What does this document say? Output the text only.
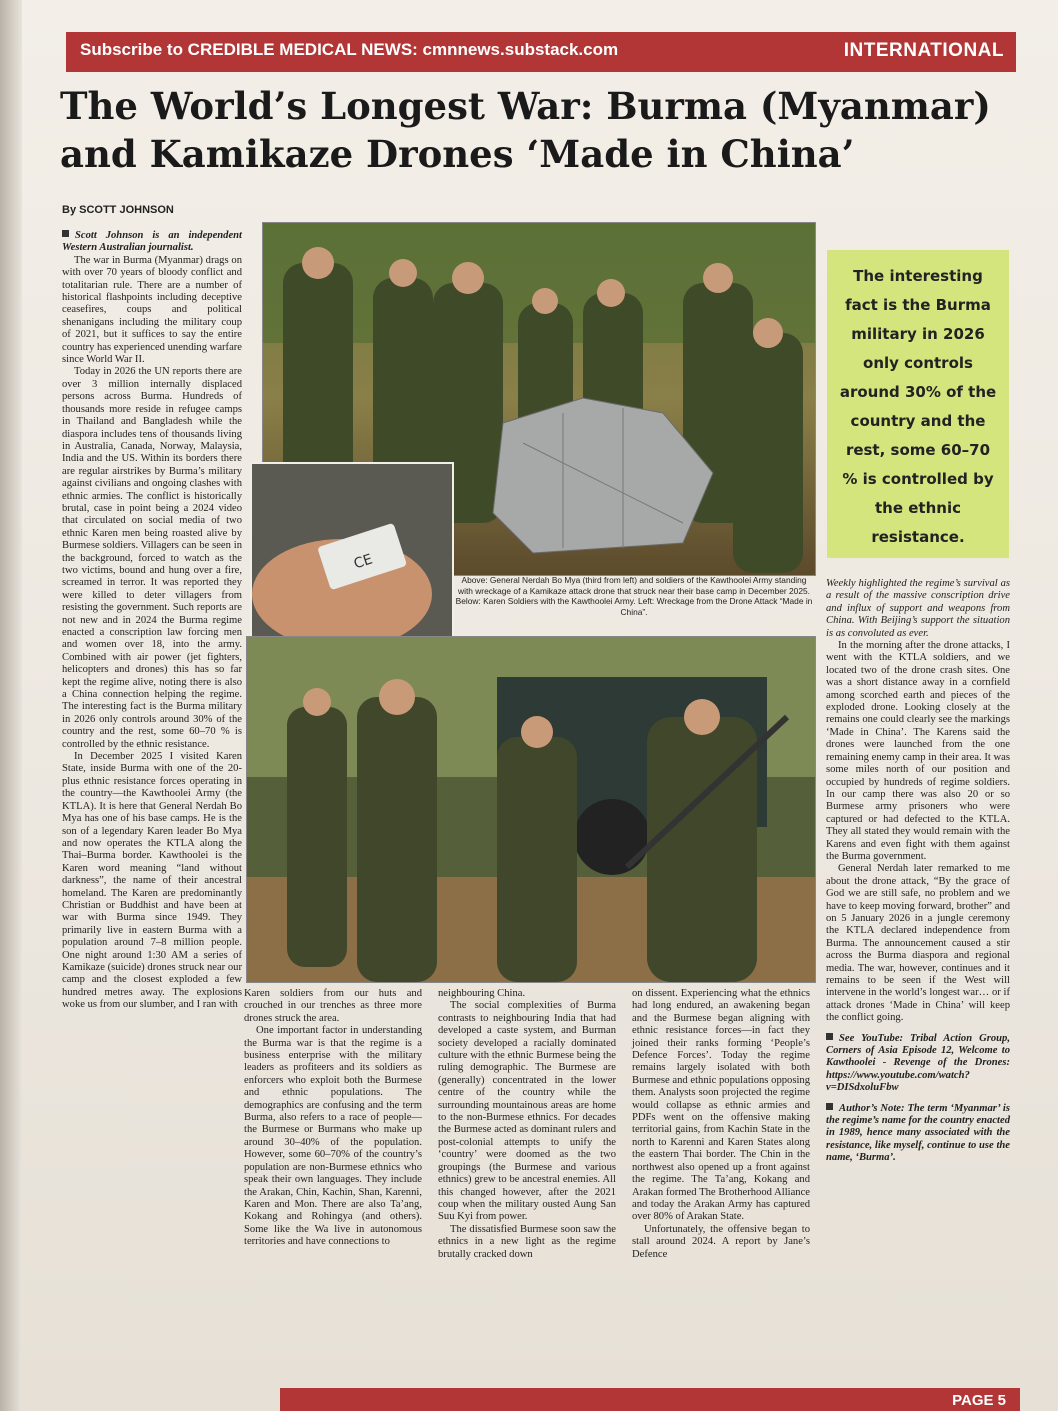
Subscribe to CREDIBLE MEDICAL NEWS: cmnnews.substack.com	INTERNATIONAL
The World’s Longest War: Burma (Myanmar) and Kamikaze Drones ‘Made in China’
By SCOTT JOHNSON

Scott Johnson is an independent Western Australian journalist.

The war in Burma (Myanmar) drags on with over 70 years of bloody conflict and totalitarian rule. There are a number of historical flashpoints including deceptive ceasefires, coups and political shenanigans including the military coup of 2021, but it suffices to say the entire country has experienced unending warfare since World War II.

Today in 2026 the UN reports there are over 3 million internally displaced persons across Burma. Hundreds of thousands more reside in refugee camps in Thailand and Bangladesh while the diaspora includes tens of thousands living in Australia, Canada, Norway, Malaysia, India and the US. Within its borders there are regular airstrikes by Burma’s military against civilians and ongoing clashes with ethnic armies. The conflict is historically brutal, case in point being a 2024 video that circulated on social media of two ethnic Karen men being roasted alive by Burmese soldiers. Villagers can be seen in the background, forced to watch as the two victims, bound and hung over a fire, screamed in terror. It was reported they were killed to deter villagers from resisting the government. Such reports are not new and in 2024 the Burma regime enacted a conscription law forcing men and women over 18, into the army. Combined with air power (jet fighters, helicopters and drones) this has so far kept the regime alive, noting there is also a China connection helping the regime. The interesting fact is the Burma military in 2026 only controls around 30% of the country and the rest, some 60–70 % is controlled by the ethnic resistance.

In December 2025 I visited Karen State, inside Burma with one of the 20-plus ethnic resistance forces operating in the country—the Kawthoolei Army (the KTLA). It is here that General Nerdah Bo Mya has one of his base camps. He is the son of a legendary Karen leader Bo Mya and now operates the KTLA along the Thai–Burma border. Kawthoolei is the Karen word meaning “land without darkness”, the name of their ancestral homeland. The Karen are predominantly Christian or Buddhist and have been at war with Burma since 1949. They primarily live in eastern Burma with a population around 7–8 million people. One night around 1:30 AM a series of Kamikaze (suicide) drones struck near our camp and the closest exploded a few hundred metres away. The explosions woke us from our slumber, and I ran with

CE
Above: General Nerdah Bo Mya (third from left) and soldiers of the Kawthoolei Army standing with wreckage of a Kamikaze attack drone that struck near their base camp in December 2025. Below: Karen Soldiers with the Kawthoolei Army. Left: Wreckage from the Drone Attack “Made in China”.
The interesting fact is the Burma military in 2026 only controls around 30% of the country and the rest, some 60–70 % is controlled by the ethnic resistance.

Weekly highlighted the regime’s survival as a result of the massive conscription drive and influx of support and weapons from China. With Beijing’s support the situation is as convoluted as ever.

In the morning after the drone attacks, I went with the KTLA soldiers, and we located two of the drone crash sites. One was a short distance away in a cornfield among scorched earth and pieces of the exploded drone. Looking closely at the remains one could clearly see the markings ‘Made in China’. The Karens said the drones were launched from the one remaining enemy camp in their area. It was some miles north of our position and occupied by hundreds of regime soldiers. In our camp there was also 20 or so Burmese army prisoners who were captured or had defected to the KTLA. They all stated they would remain with the Karens and even fight with them against the Burma government.

General Nerdah later remarked to me about the drone attack, “By the grace of God we are still safe, no problem and we have to keep moving forward, brother” and on 5 January 2026 in a jungle ceremony the KTLA declared independence from Burma. The announcement caused a stir across the Burma diaspora and regional media. The war, however, continues and it remains to be seen if the West will intervene in the world’s longest war… or if attack drones ‘Made in China’ will keep the conflict going.

See YouTube: Tribal Action Group, Corners of Asia Episode 12, Welcome to Kawthoolei - Revenge of the Drones: https://www.youtube.com/watch?v=DISdxoluFbw

Author’s Note: The term ‘Myanmar’ is the regime’s name for the country enacted in 1989, hence many associated with the resistance, like myself, continue to use the name, ‘Burma’.

Karen soldiers from our huts and crouched in our trenches as three more drones struck the area.

One important factor in understanding the Burma war is that the regime is a business enterprise with the military leaders as profiteers and its soldiers as enforcers who exploit both the Burmese and ethnic populations. The demographics are confusing and the term Burma, also refers to a race of people—the Burmese or Burmans who make up around 30–40% of the population. However, some 60–70% of the country’s population are non-Burmese ethnics who speak their own languages. They include the Arakan, Chin, Kachin, Shan, Karenni, Karen and Mon. There are also Ta’ang, Kokang and Rohingya (and others). Some like the Wa live in autonomous territories and have connections to

neighbouring China.

The social complexities of Burma contrasts to neighbouring India that had developed a caste system, and Burman society developed a racially dominated culture with the ethnic Burmese being the ruling demographic. The Burmese are (generally) concentrated in the lower centre of the country while the surrounding mountainous areas are home to the non-Burmese ethnics. For decades the Burmese acted as dominant rulers and post-colonial attempts to unify the ‘country’ were doomed as the two groupings (the Burmese and various ethnics) grew to be ancestral enemies. All this changed however, after the 2021 coup when the military ousted Aung San Suu Kyi from power.

The dissatisfied Burmese soon saw the ethnics in a new light as the regime brutally cracked down

on dissent. Experiencing what the ethnics had long endured, an awakening began and the Burmese began aligning with ethnic resistance forces—in fact they joined their ranks forming ‘People’s Defence Forces’. Today the regime remains largely isolated with both Burmese and ethnic populations opposing them. Analysts soon projected the regime would collapse as ethnic armies and PDFs went on the offensive making territorial gains, from Kachin State in the north to Karenni and Karen States along the eastern Thai border. The Chin in the northwest also opened up a front against the regime. The Ta’ang, Kokang and Arakan formed The Brotherhood Alliance and today the Arakan Army has captured over 80% of Arakan State.

Unfortunately, the offensive began to stall around 2024. A report by Jane’s Defence

PAGE 5
